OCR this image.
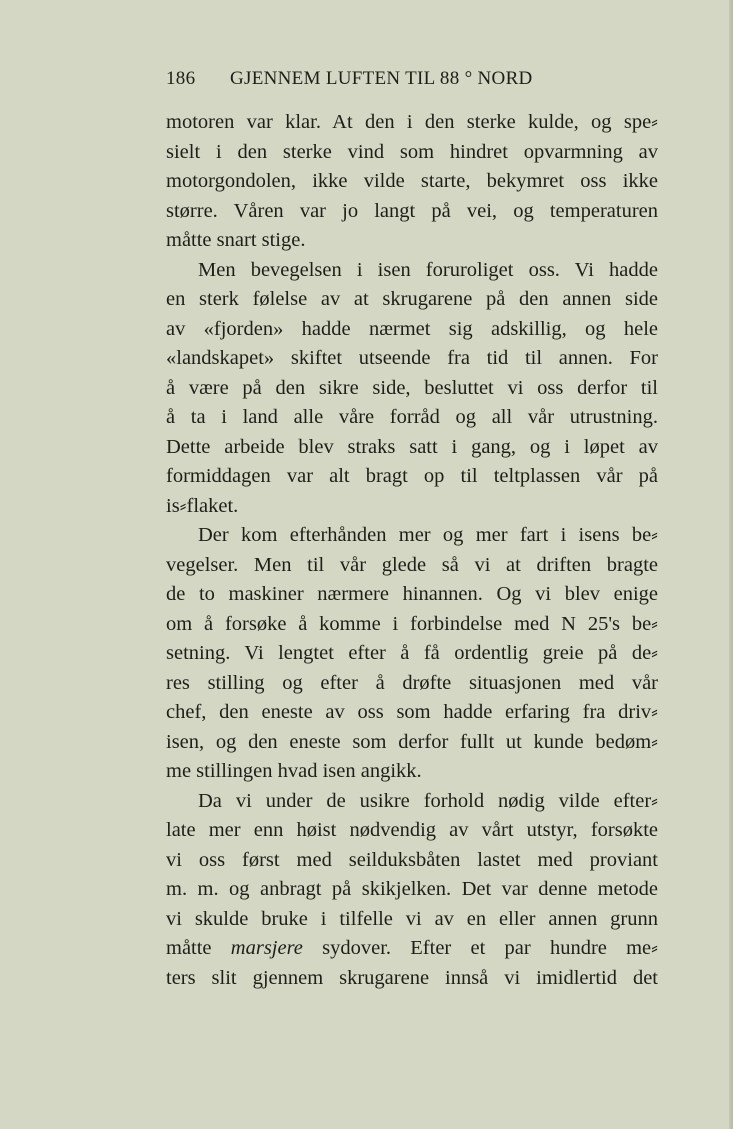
186 GJENNEM LUFTEN TIL 88 ° NORD
motoren var klar. At den i den sterke kulde, og spe⸗
sielt i den sterke vind som hindret opvarmning av
motorgondolen, ikke vilde starte, bekymret oss ikke
større. Våren var jo langt på vei, og temperaturen
måtte snart stige.
Men bevegelsen i isen foruroliget oss. Vi hadde
en sterk følelse av at skrugarene på den annen side
av «fjorden» hadde nærmet sig adskillig, og hele
«landskapet» skiftet utseende fra tid til annen. For
å være på den sikre side, besluttet vi oss derfor til
å ta i land alle våre forråd og all vår utrustning.
Dette arbeide blev straks satt i gang, og i løpet av
formiddagen var alt bragt op til teltplassen vår på
is⸗flaket.
Der kom efterhånden mer og mer fart i isens be⸗
vegelser. Men til vår glede så vi at driften bragte
de to maskiner nærmere hinannen. Og vi blev enige
om å forsøke å komme i forbindelse med N 25's be⸗
setning. Vi lengtet efter å få ordentlig greie på de⸗
res stilling og efter å drøfte situasjonen med vår
chef, den eneste av oss som hadde erfaring fra driv⸗
isen, og den eneste som derfor fullt ut kunde bedøm⸗
me stillingen hvad isen angikk.
Da vi under de usikre forhold nødig vilde efter⸗
late mer enn høist nødvendig av vårt utstyr, forsøkte
vi oss først med seilduksbåten lastet med proviant
m. m. og anbragt på skikjelken. Det var denne metode
vi skulde bruke i tilfelle vi av en eller annen grunn
måtte marsjere sydover. Efter et par hundre me⸗
ters slit gjennem skrugarene innså vi imidlertid det
